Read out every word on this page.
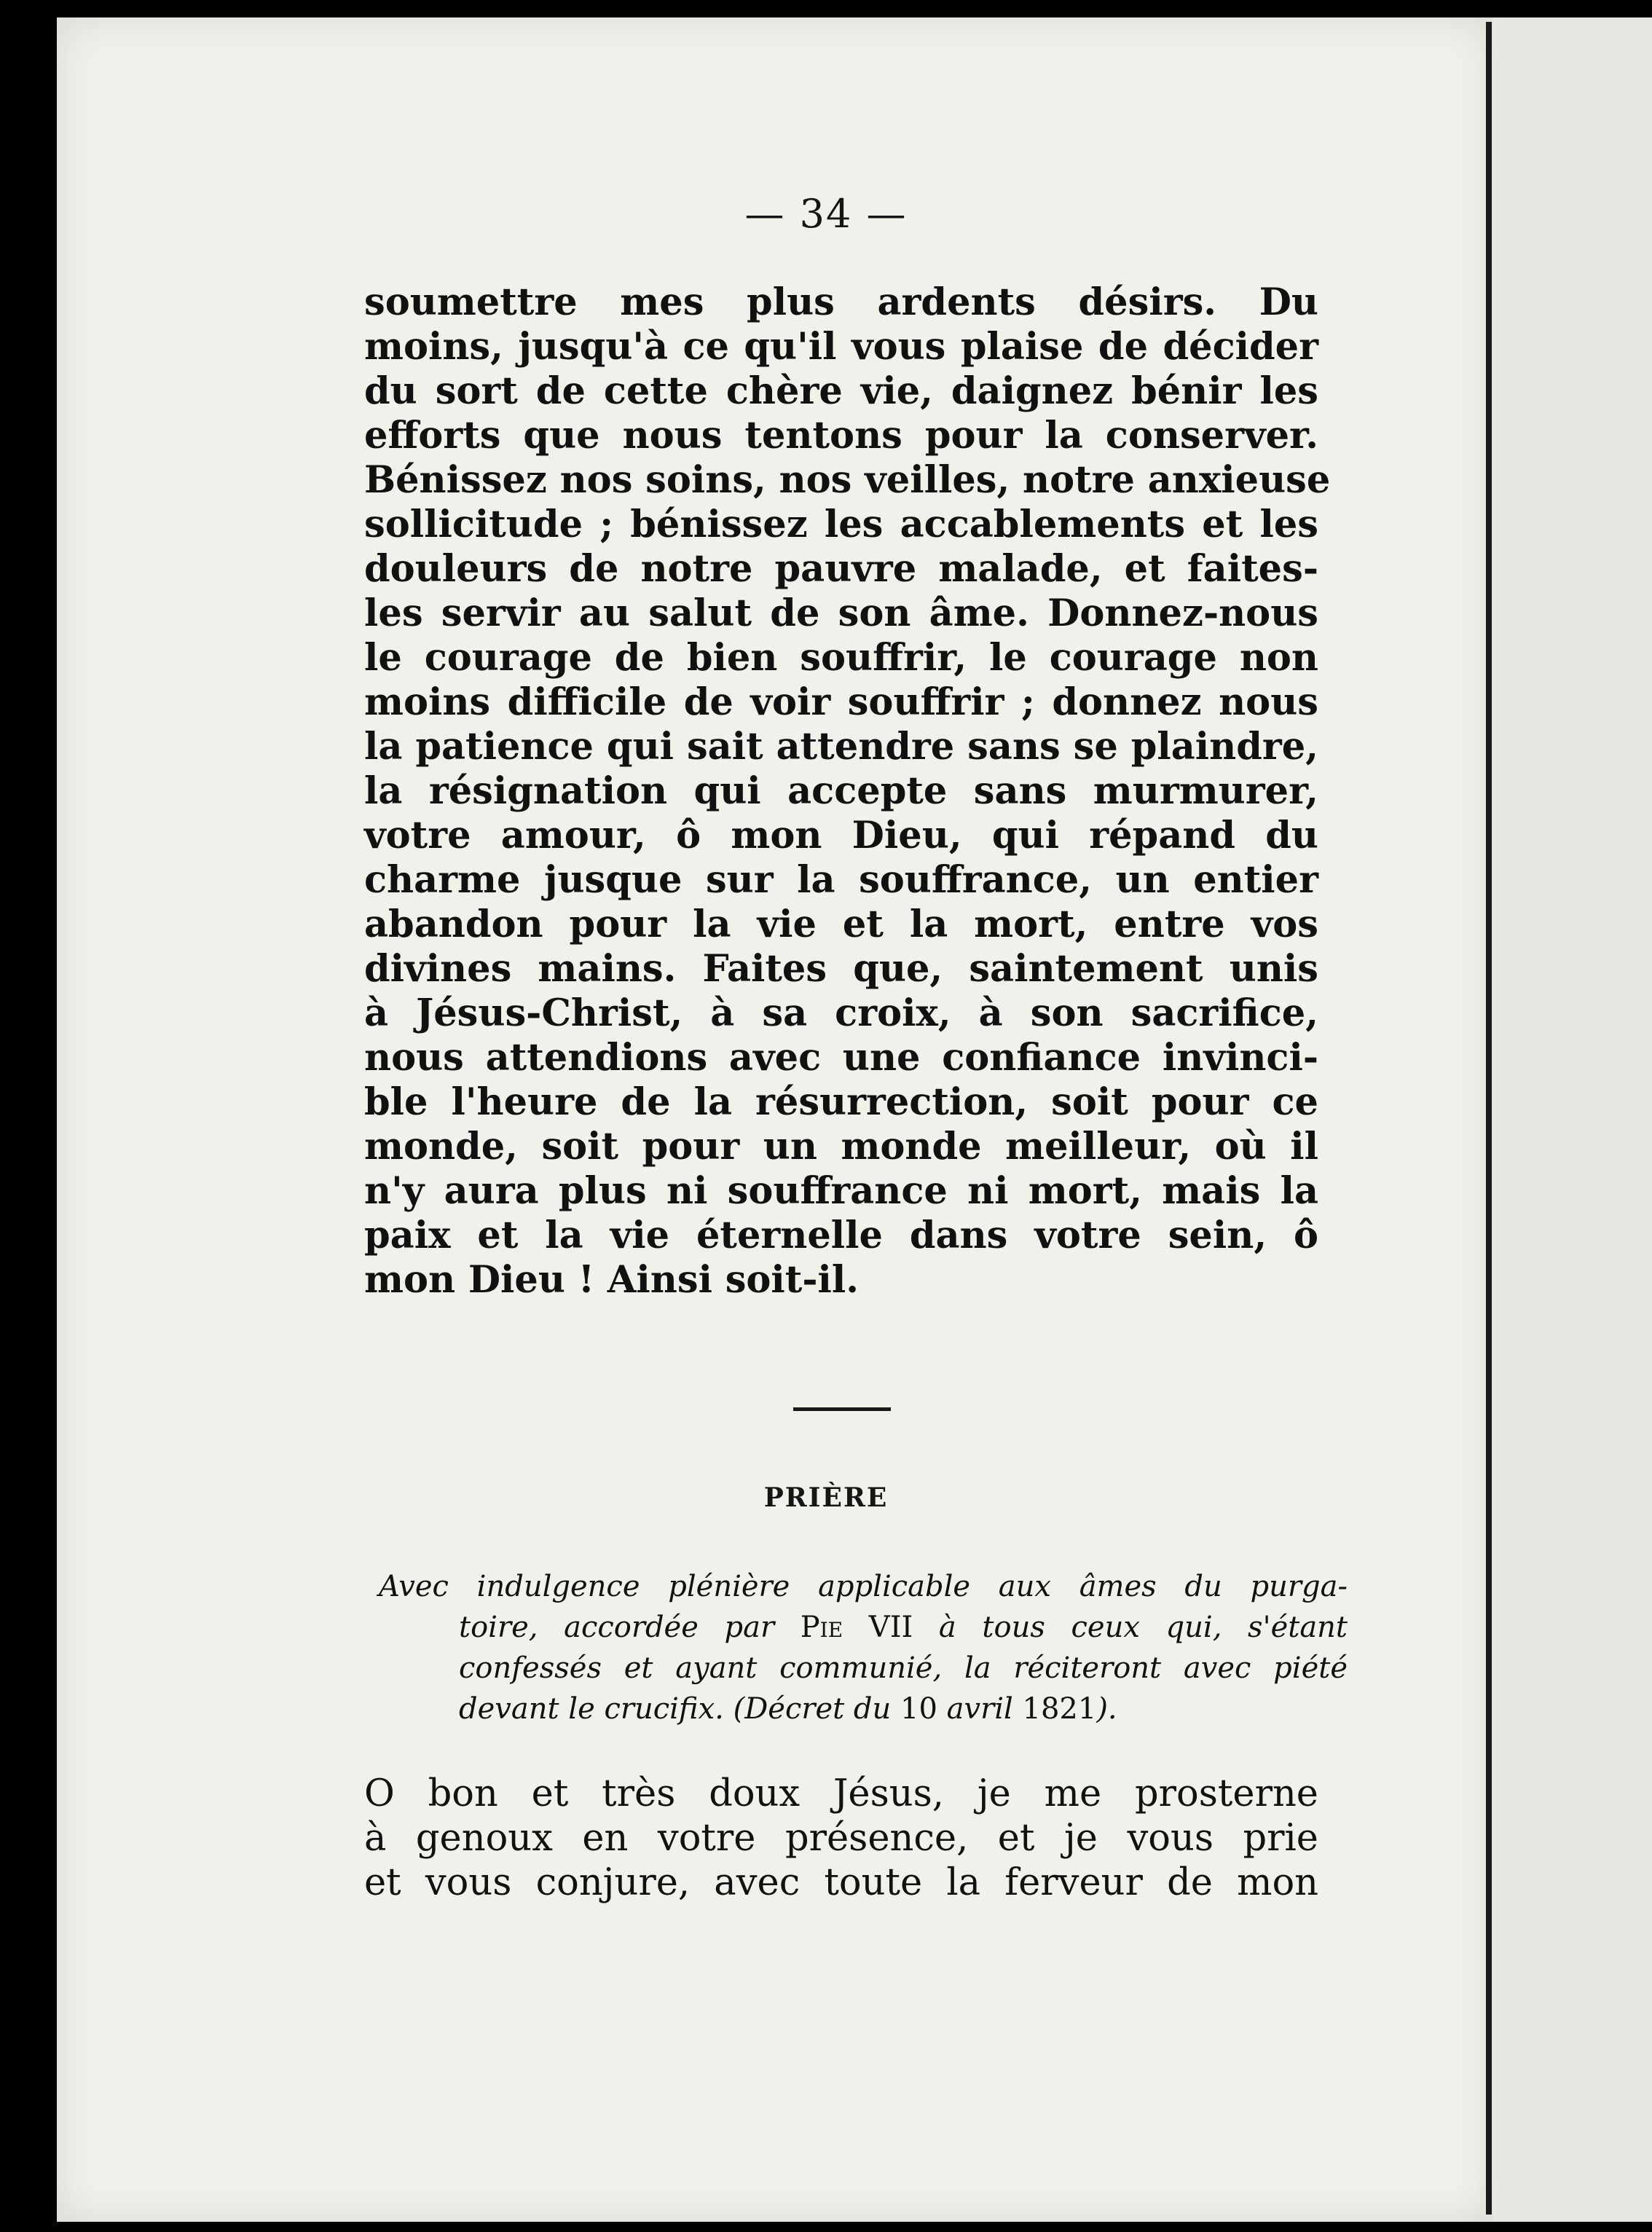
— 34 —
soumettre mes plus ardents désirs. Du
moins, jusqu'à ce qu'il vous plaise de décider
du sort de cette chère vie, daignez bénir les
efforts que nous tentons pour la conserver.
Bénissez nos soins, nos veilles, notre anxieuse
sollicitude ; bénissez les accablements et les
douleurs de notre pauvre malade, et faites-
les servir au salut de son âme. Donnez-nous
le courage de bien souffrir, le courage non
moins difficile de voir souffrir ; donnez nous
la patience qui sait attendre sans se plaindre,
la résignation qui accepte sans murmurer,
votre amour, ô mon Dieu, qui répand du
charme jusque sur la souffrance, un entier
abandon pour la vie et la mort, entre vos
divines mains. Faites que, saintement unis
à Jésus-Christ, à sa croix, à son sacrifice,
nous attendions avec une confiance invinci-
ble l'heure de la résurrection, soit pour ce
monde, soit pour un monde meilleur, où il
n'y aura plus ni souffrance ni mort, mais la
paix et la vie éternelle dans votre sein, ô
mon Dieu ! Ainsi soit-il.
PRIÈRE
Avec indulgence plénière applicable aux âmes du purga-
toire, accordée par Pie VII à tous ceux qui, s'étant
confessés et ayant communié, la réciteront avec piété
devant le crucifix. (Décret du 10 avril 1821).
O bon et très doux Jésus, je me prosterne
à genoux en votre présence, et je vous prie
et vous conjure, avec toute la ferveur de mon
